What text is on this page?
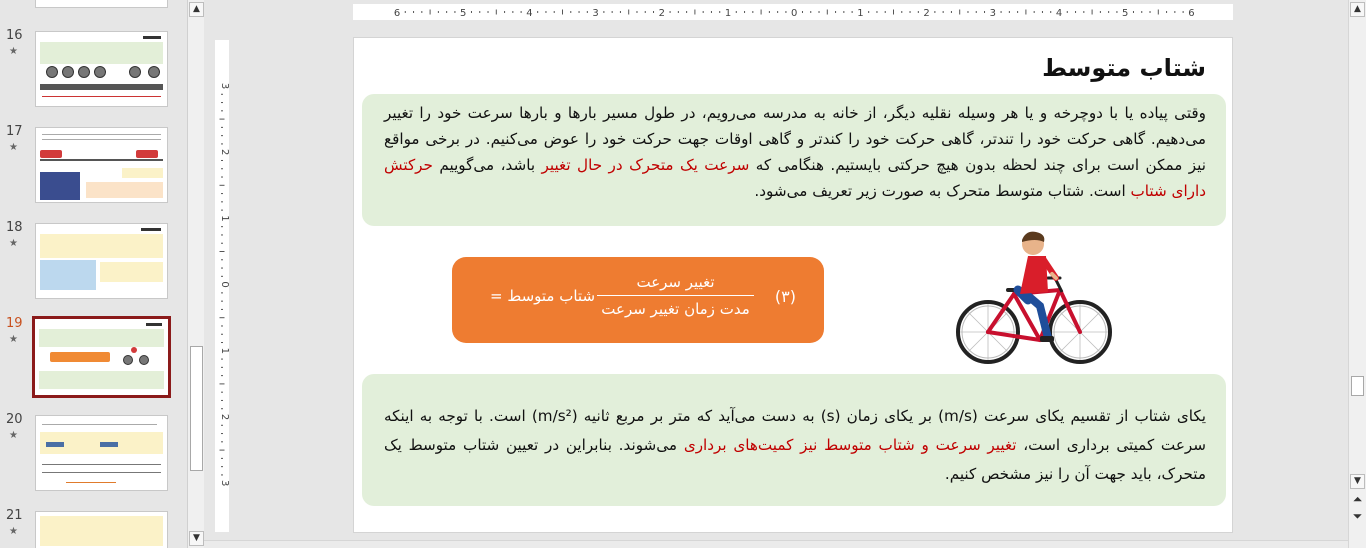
16
★
17
★
18
★
19
★
20
★
21
★
▲
▼
6	5	4	3	2	1	0	1	2	3	4	5	6
3
2
1
0
1
2
3
شتاب متوسط
وقتی پیاده یا با دوچرخه و یا هر وسیله نقلیه دیگر، از خانه به مدرسه می‌رویم، در طول مسیر بارها و بارها سرعت خود را تغییر می‌دهیم. گاهی حرکت خود را تندتر، گاهی حرکت خود را کندتر و گاهی اوقات جهت حرکت خود را عوض می‌کنیم. در برخی مواقع نیز ممکن است برای چند لحظه بدون هیچ حرکتی بایستیم. هنگامی که سرعت یک متحرک در حال تغییر باشد، می‌گوییم حرکتش دارای شتاب است. شتاب متوسط متحرک به صورت زیر تعریف می‌شود.
(۳)
تغییر سرعت
مدت زمان تغییر سرعت
شتاب متوسط =
یکای شتاب از تقسیم یکای سرعت (m/s) بر یکای زمان (s) به دست می‌آید که متر بر مربع ثانیه (m/s²) است. با توجه به اینکه سرعت کمیتی برداری است، تغییر سرعت و شتاب متوسط نیز کمیت‌های برداری می‌شوند. بنابراین در تعیین شتاب متوسط یک متحرک، باید جهت آن را نیز مشخص کنیم.
▲
▼
⏶
⏷
